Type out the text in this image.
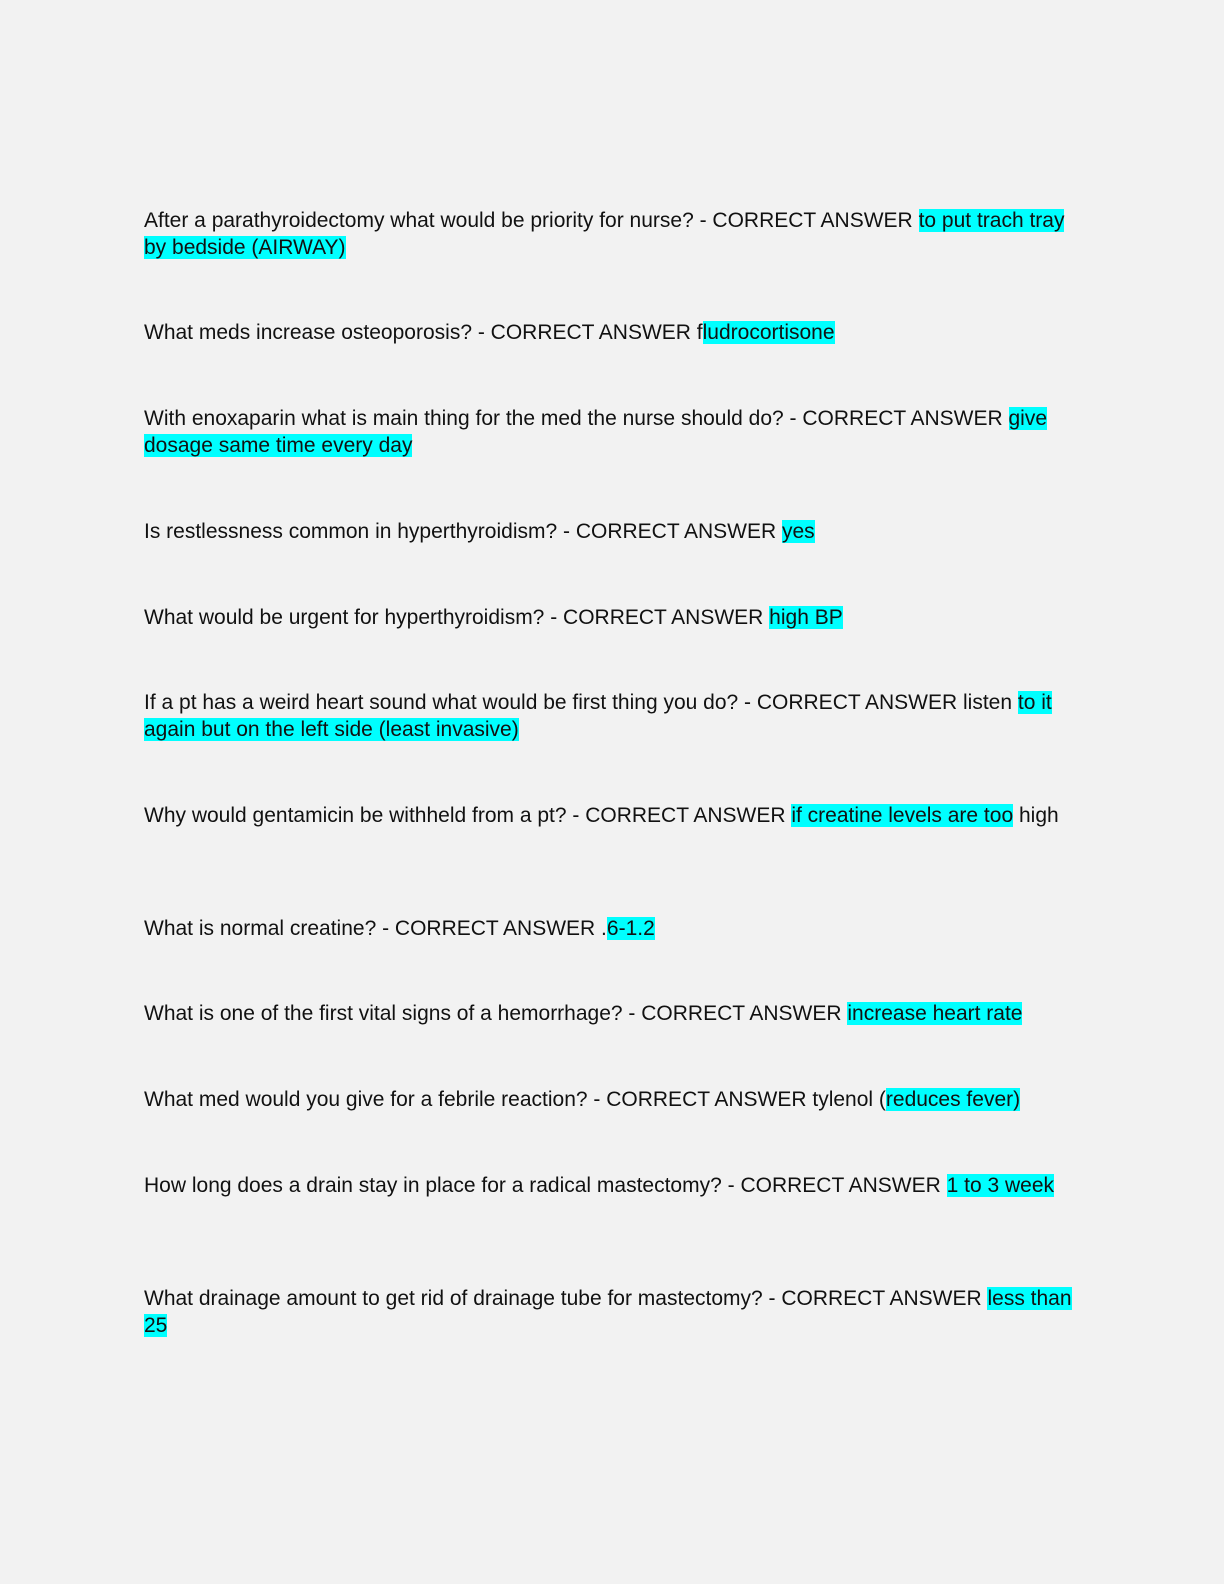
After a parathyroidectomy what would be priority for nurse? - CORRECT ANSWER to put trach tray by bedside (AIRWAY)

What meds increase osteoporosis? - CORRECT ANSWER fludrocortisone

With enoxaparin what is main thing for the med the nurse should do? - CORRECT ANSWER give dosage same time every day

Is restlessness common in hyperthyroidism? - CORRECT ANSWER yes

What would be urgent for hyperthyroidism? - CORRECT ANSWER high BP

If a pt has a weird heart sound what would be first thing you do? - CORRECT ANSWER listen to it again but on the left side (least invasive)

Why would gentamicin be withheld from a pt? - CORRECT ANSWER if creatine levels are too high

What is normal creatine? - CORRECT ANSWER .6-1.2

What is one of the first vital signs of a hemorrhage? - CORRECT ANSWER increase heart rate

What med would you give for a febrile reaction? - CORRECT ANSWER tylenol (reduces fever)

How long does a drain stay in place for a radical mastectomy? - CORRECT ANSWER 1 to 3 week

What drainage amount to get rid of drainage tube for mastectomy? - CORRECT ANSWER less than 25
